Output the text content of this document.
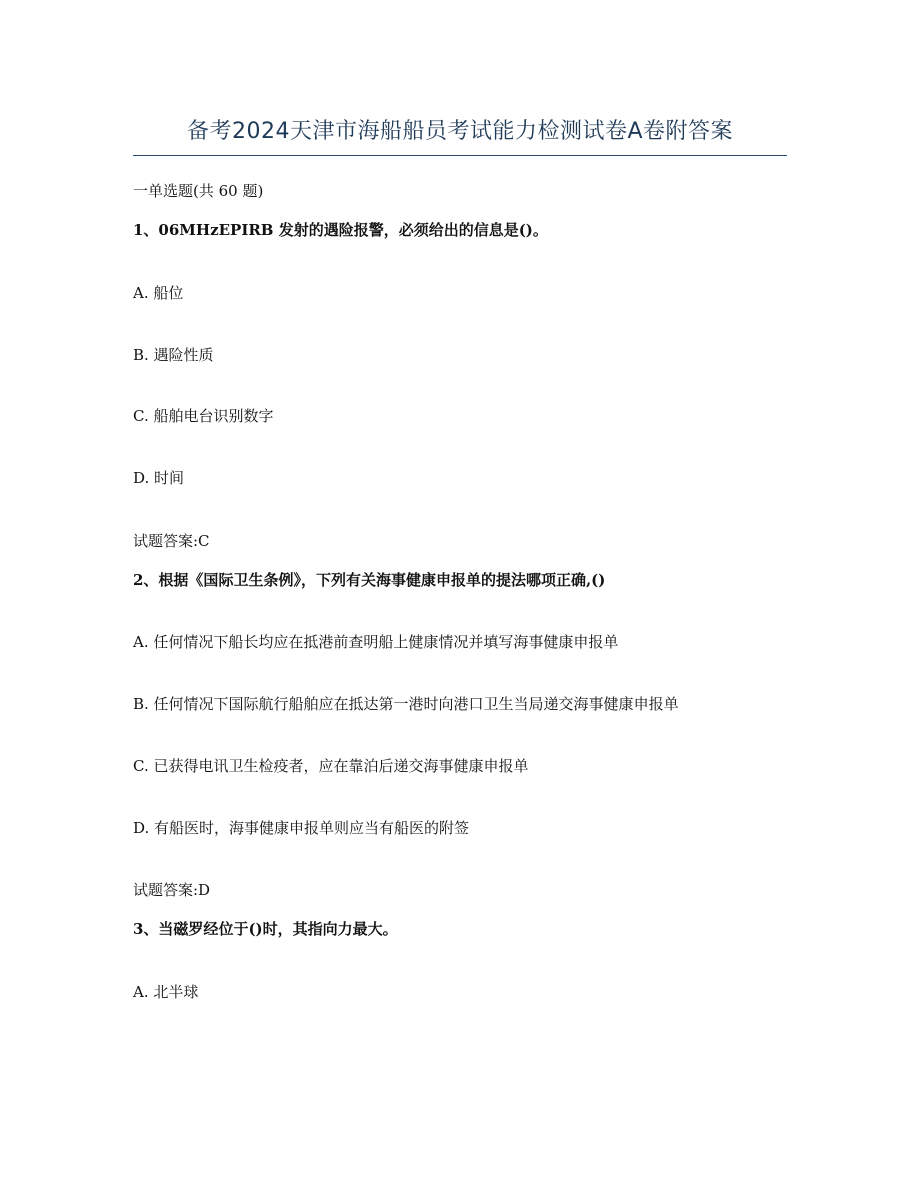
备考2024天津市海船船员考试能力检测试卷A卷附答案
一单选题(共 60 题)
1、06MHzEPIRB 发射的遇险报警，必须给出的信息是()。
A. 船位
B. 遇险性质
C. 船舶电台识别数字
D. 时间
试题答案:C
2、根据《国际卫生条例》，下列有关海事健康申报单的提法哪项正确,()
A. 任何情况下船长均应在抵港前查明船上健康情况并填写海事健康申报单
B. 任何情况下国际航行船舶应在抵达第一港时向港口卫生当局递交海事健康申报单
C. 已获得电讯卫生检疫者，应在靠泊后递交海事健康申报单
D. 有船医时，海事健康申报单则应当有船医的附签
试题答案:D
3、当磁罗经位于()时，其指向力最大。
A. 北半球
